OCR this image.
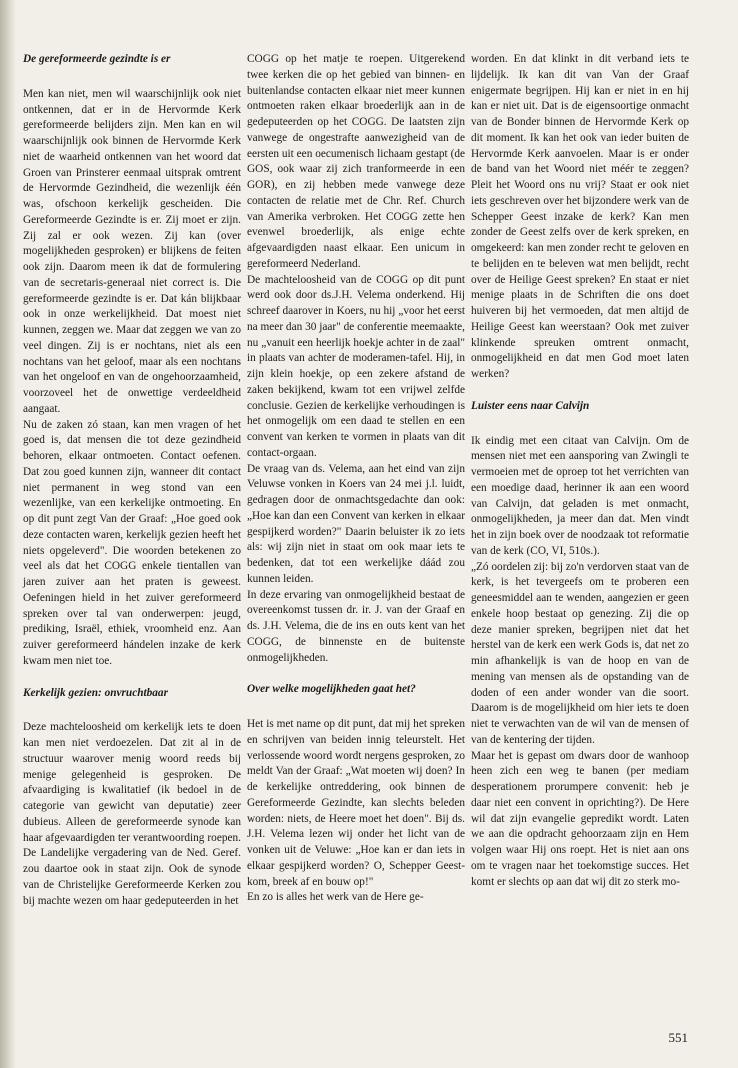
De gereformeerde gezindte is er

Men kan niet, men wil waarschijnlijk ook niet ontkennen, dat er in de Hervormde Kerk gereformeerde belijders zijn. Men kan en wil waarschijnlijk ook binnen de Hervormde Kerk niet de waarheid ontkennen van het woord dat Groen van Prinsterer eenmaal uitsprak omtrent de Hervormde Gezindheid, die wezenlijk één was, ofschoon kerkelijk gescheiden. Die Gereformeerde Gezindte is er. Zij moet er zijn. Zij zal er ook wezen. Zij kan (over mogelijkheden gesproken) er blijkens de feiten ook zijn. Daarom meen ik dat de formulering van de secretaris-generaal niet correct is. Die gereformeerde gezindte is er. Dat kán blijkbaar ook in onze werkelijkheid. Dat moest niet kunnen, zeggen we. Maar dat zeggen we van zo veel dingen. Zij is er nochtans, niet als een nochtans van het geloof, maar als een nochtans van het ongeloof en van de ongehoorzaamheid, voorzoveel het de onwettige verdeeldheid aangaat.

Nu de zaken zó staan, kan men vragen of het goed is, dat mensen die tot deze gezindheid behoren, elkaar ontmoeten. Contact oefenen. Dat zou goed kunnen zijn, wanneer dit contact niet permanent in weg stond van een wezenlijke, van een kerkelijke ontmoeting. En op dit punt zegt Van der Graaf: „Hoe goed ook deze contacten waren, kerkelijk gezien heeft het niets opgeleverd". Die woorden betekenen zo veel als dat het COGG enkele tientallen van jaren zuiver aan het praten is geweest. Oefeningen hield in het zuiver gereformeerd spreken over tal van onderwerpen: jeugd, prediking, Israël, ethiek, vroomheid enz. Aan zuiver gereformeerd hándelen inzake de kerk kwam men niet toe.

Kerkelijk gezien: onvruchtbaar

Deze machteloosheid om kerkelijk iets te doen kan men niet verdoezelen. Dat zit al in de structuur waarover menig woord reeds bij menige gelegenheid is gesproken. De afvaardiging is kwalitatief (ik bedoel in de categorie van gewicht van deputatie) zeer dubieus. Alleen de gereformeerde synode kan haar afgevaardigden ter verantwoording roepen. De Landelijke vergadering van de Ned. Geref. zou daartoe ook in staat zijn. Ook de synode van de Christelijke Gereformeerde Kerken zou bij machte wezen om haar gedeputeerden in het

COGG op het matje te roepen. Uitgerekend twee kerken die op het gebied van binnen- en buitenlandse contacten elkaar niet meer kunnen ontmoeten raken elkaar broederlijk aan in de gedeputeerden op het COGG. De laatsten zijn vanwege de ongestrafte aanwezigheid van de eersten uit een oecumenisch lichaam gestapt (de GOS, ook waar zij zich tranformeerde in een GOR), en zij hebben mede vanwege deze contacten de relatie met de Chr. Ref. Church van Amerika verbroken. Het COGG zette hen evenwel broederlijk, als enige echte afgevaardigden naast elkaar. Een unicum in gereformeerd Nederland.

De machteloosheid van de COGG op dit punt werd ook door ds.J.H. Velema onderkend. Hij schreef daarover in Koers, nu hij „voor het eerst na meer dan 30 jaar" de conferentie meemaakte, nu „vanuit een heerlijk hoekje achter in de zaal" in plaats van achter de moderamen-tafel. Hij, in zijn klein hoekje, op een zekere afstand de zaken bekijkend, kwam tot een vrijwel zelfde conclusie. Gezien de kerkelijke verhoudingen is het onmogelijk om een daad te stellen en een convent van kerken te vormen in plaats van dit contact-orgaan.

De vraag van ds. Velema, aan het eind van zijn Veluwse vonken in Koers van 24 mei j.l. luidt, gedragen door de onmachtsgedachte dan ook: „Hoe kan dan een Convent van kerken in elkaar gespijkerd worden?" Daarin beluister ik zo iets als: wij zijn niet in staat om ook maar iets te bedenken, dat tot een werkelijke dáád zou kunnen leiden.

In deze ervaring van onmogelijkheid bestaat de overeenkomst tussen dr. ir. J. van der Graaf en ds. J.H. Velema, die de ins en outs kent van het COGG, de binnenste en de buitenste onmogelijkheden.

Over welke mogelijkheden gaat het?

Het is met name op dit punt, dat mij het spreken en schrijven van beiden innig teleurstelt. Het verlossende woord wordt nergens gesproken, zo meldt Van der Graaf: „Wat moeten wij doen? In de kerkelijke ontreddering, ook binnen de Gereformeerde Gezindte, kan slechts beleden worden: niets, de Heere moet het doen". Bij ds. J.H. Velema lezen wij onder het licht van de vonken uit de Veluwe: „Hoe kan er dan iets in elkaar gespijkerd worden? O, Schepper Geest-kom, breek af en bouw op!"

En zo is alles het werk van de Here ge-

worden. En dat klinkt in dit verband iets te lijdelijk. Ik kan dit van Van der Graaf enigermate begrijpen. Hij kan er niet in en hij kan er niet uit. Dat is de eigensoortige onmacht van de Bonder binnen de Hervormde Kerk op dit moment. Ik kan het ook van ieder buiten de Hervormde Kerk aanvoelen. Maar is er onder de band van het Woord niet méér te zeggen? Pleit het Woord ons nu vrij? Staat er ook niet iets geschreven over het bijzondere werk van de Schepper Geest inzake de kerk? Kan men zonder de Geest zelfs over de kerk spreken, en omgekeerd: kan men zonder recht te geloven en te belijden en te beleven wat men belijdt, recht over de Heilige Geest spreken? En staat er niet menige plaats in de Schriften die ons doet huiveren bij het vermoeden, dat men altijd de Heilige Geest kan weerstaan? Ook met zuiver klinkende spreuken omtrent onmacht, onmogelijkheid en dat men God moet laten werken?

Luister eens naar Calvijn

Ik eindig met een citaat van Calvijn. Om de mensen niet met een aansporing van Zwingli te vermoeien met de oproep tot het verrichten van een moedige daad, herinner ik aan een woord van Calvijn, dat geladen is met onmacht, onmogelijkheden, ja meer dan dat. Men vindt het in zijn boek over de noodzaak tot reformatie van de kerk (CO, VI, 510s.).

„Zó oordelen zij: bij zo'n verdorven staat van de kerk, is het tevergeefs om te proberen een geneesmiddel aan te wenden, aangezien er geen enkele hoop bestaat op genezing. Zij die op deze manier spreken, begrijpen niet dat het herstel van de kerk een werk Gods is, dat net zo min afhankelijk is van de hoop en van de mening van mensen als de opstanding van de doden of een ander wonder van die soort. Daarom is de mogelijkheid om hier iets te doen niet te verwachten van de wil van de mensen of van de kentering der tijden.

Maar het is gepast om dwars door de wanhoop heen zich een weg te banen (per mediam desperationem prorumpere convenit: heb je daar niet een convent in oprichting?). De Here wil dat zijn evangelie gepredikt wordt. Laten we aan die opdracht gehoorzaam zijn en Hem volgen waar Hij ons roept. Het is niet aan ons om te vragen naar het toekomstige succes. Het komt er slechts op aan dat wij dit zo sterk mo-

551
